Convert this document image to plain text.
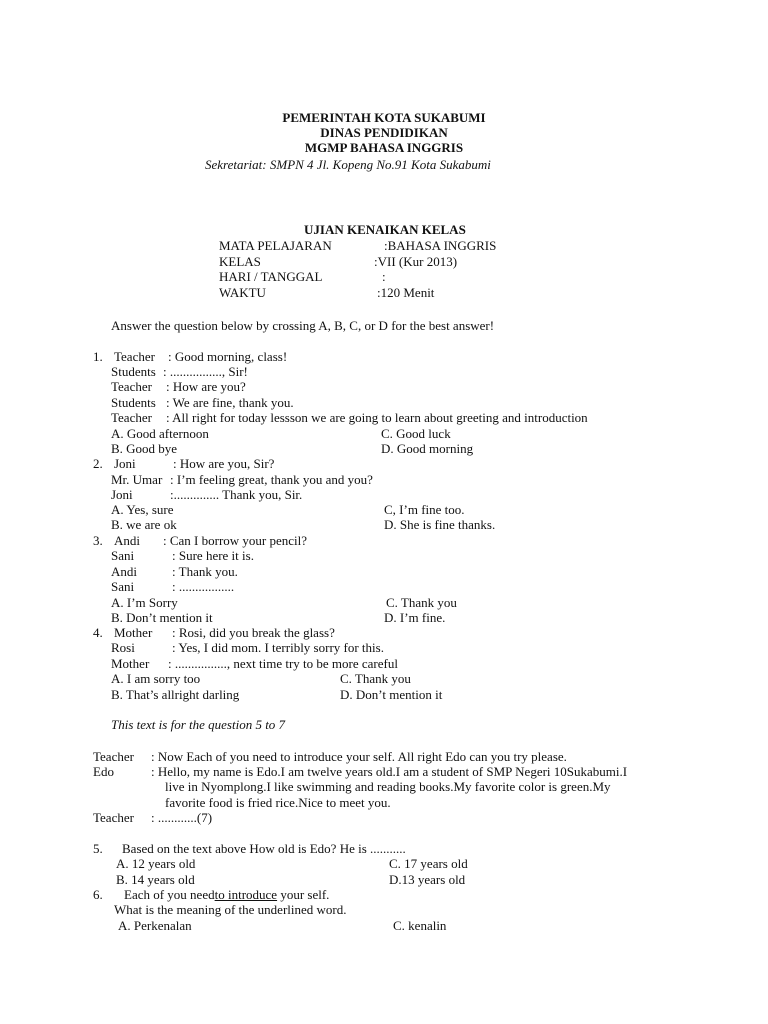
PEMERINTAH KOTA SUKABUMI
DINAS PENDIDIKAN
MGMP BAHASA INGGRIS
Sekretariat: SMPN 4 Jl. Kopeng No.91 Kota Sukabumi
UJIAN KENAIKAN KELAS
MATA PELAJARAN	:BAHASA INGGRIS
KELAS	:VII (Kur 2013)
HARI / TANGGAL	:
WAKTU	:120 Menit
Answer the question below by crossing A, B, C, or D for the best answer!
1. Teacher : Good morning, class!
Students : ................, Sir!
Teacher : How are you?
Students : We are fine, thank you.
Teacher : All right for today lessson we are going to learn about greeting and introduction
A. Good afternoon	C. Good luck
B. Good bye	D. Good morning
2. Joni	: How are you, Sir?
Mr. Umar : I’m feeling great, thank you and you?
Joni	:.............. Thank you, Sir.
A. Yes, sure	C, I’m fine too.
B. we are ok	D. She is fine thanks.
3. Andi : Can I borrow your pencil?
Sani	: Sure here it is.
Andi	: Thank you.
Sani	: .................
A. I’m Sorry	C. Thank you
B. Don’t mention it	D. I’m fine.
4. Mother : Rosi, did you break the glass?
Rosi	: Yes, I did mom. I terribly sorry for this.
Mother : ................, next time try to be more careful
A. I am sorry too	C. Thank you
B. That’s allright darling	D. Don’t mention it
This text is for the question 5 to 7
Teacher : Now Each of you need to introduce your self. All right Edo can you try please.
Edo	: Hello, my name is Edo.I am twelve years old.I am a student of SMP Negeri 10Sukabumi.I
live in Nyomplong.I like swimming and reading books.My favorite color is green.My
favorite food is fried rice.Nice to meet you.
Teacher : ............(7)
5. Based on the text above How old is Edo? He is ...........
A. 12 years old	C. 17 years old
B. 14 years old	D.13 years old
6. Each of you needto introduce your self.
What is the meaning of the underlined word.
A. Perkenalan	C. kenalin
